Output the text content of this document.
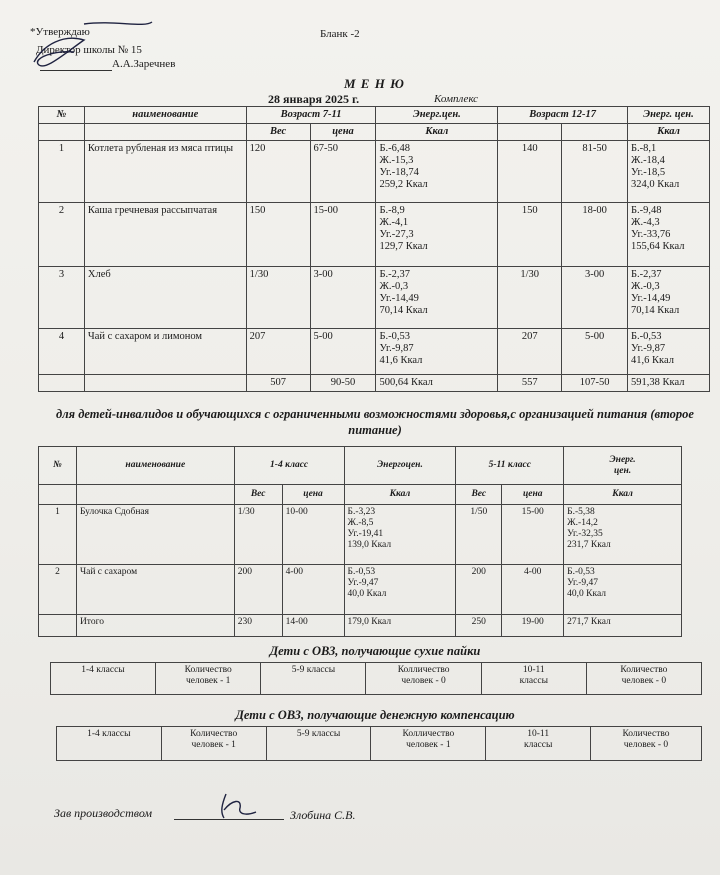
*Утверждаю
Директор школы № 15
А.А.Заречнев
Бланк -2
М Е Н Ю
28 января 2025 г.	Комплекс
№	наименование	Возраст 7-11		Энерг.цен.	Возраст 12-17		Энерг. цен.
		Вес	цена	Ккал			Ккал
1	Котлета рубленая из мяса птицы	120	67-50	Б.-6,48
Ж.-15,3
Уг.-18,74
259,2 Ккал	140	81-50	Б.-8,1
Ж.-18,4
Уг.-18,5
324,0 Ккал
2	Каша гречневая рассыпчатая	150	15-00	Б.-8,9
Ж.-4,1
Уг.-27,3
129,7 Ккал	150	18-00	Б.-9,48
Ж.-4,3
Уг.-33,76
155,64 Ккал
3	Хлеб	1/30	3-00	Б.-2,37
Ж.-0,3
Уг.-14,49
70,14 Ккал	1/30	3-00	Б.-2,37
Ж.-0,3
Уг.-14,49
70,14 Ккал
4	Чай с сахаром и лимоном	207	5-00	Б.-0,53
Уг.-9,87
41,6 Ккал	207	5-00	Б.-0,53
Уг.-9,87
41,6 Ккал
		507	90-50	500,64 Ккал	557	107-50	591,38 Ккал
для детей-инвалидов и обучающихся с ограниченными возможностями здоровья,с организацией питания (второе питание)
№	наименование	1-4 класс		Энергоцен.	5-11 класс		Энерг.
цен.
		Вес	цена	Ккал	Вес	цена	Ккал
1	Булочка Сдобная	1/30	10-00	Б.-3,23
Ж.-8,5
Уг.-19,41
139,0 Ккал	1/50	15-00	Б.-5,38
Ж.-14,2
Уг.-32,35
231,7 Ккал
2	Чай с сахаром	200	4-00	Б.-0,53
Уг.-9,47
40,0 Ккал	200	4-00	Б.-0,53
Уг.-9,47
40,0 Ккал
	Итого	230	14-00	179,0 Ккал	250	19-00	271,7 Ккал
Дети с ОВЗ, получающие сухие пайки
1-4 классы	Количество
человек - 1	5-9 классы	Колличество
человек - 0	10-11
классы	Количество
человек - 0
Дети с ОВЗ, получающие денежную компенсацию
1-4 классы	Количество
человек - 1	5-9 классы	Колличество
человек - 1	10-11
классы	Количество
человек - 0
Зав производством	Злобина С.В.
